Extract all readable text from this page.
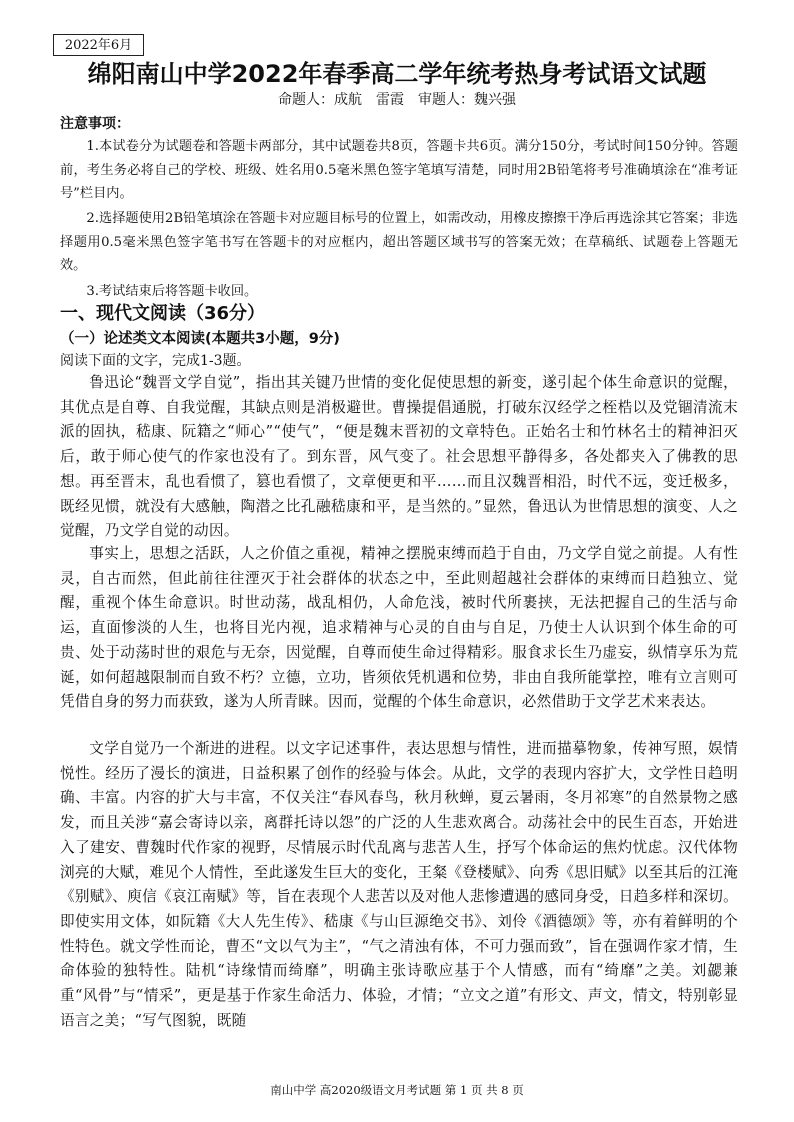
2022年6月
绵阳南山中学2022年春季高二学年统考热身考试语文试题
命题人：成航　雷霞　审题人：魏兴强
注意事项：
1.本试卷分为试题卷和答题卡两部分，其中试题卷共8页，答题卡共6页。满分150分，考试时间150分钟。答题前，考生务必将自己的学校、班级、姓名用0.5毫米黑色签字笔填写清楚，同时用2B铅笔将考号准确填涂在“准考证号”栏目内。
2.选择题使用2B铅笔填涂在答题卡对应题目标号的位置上，如需改动，用橡皮擦擦干净后再选涂其它答案；非选择题用0.5毫米黑色签字笔书写在答题卡的对应框内，超出答题区域书写的答案无效；在草稿纸、试题卷上答题无效。
3.考试结束后将答题卡收回。
一、现代文阅读（36分）
（一）论述类文本阅读(本题共3小题，9分)
阅读下面的文字，完成1-3题。
鲁迅论“魏晋文学自觉”，指出其关键乃世情的变化促使思想的新变，遂引起个体生命意识的觉醒，其优点是自尊、自我觉醒，其缺点则是消极避世。曹操提倡通脱，打破东汉经学之桎梏以及党锢清流末派的固执，嵇康、阮籍之“师心”“使气”，“便是魏末晋初的文章特色。正始名士和竹林名士的精神汩灭后，敢于师心使气的作家也没有了。到东晋，风气变了。社会思想平静得多，各处都夹入了佛教的思想。再至晋末，乱也看惯了，篡也看惯了，文章便更和平……而且汉魏晋相沿，时代不远，变迁极多，既经见惯，就没有大感触，陶潜之比孔融嵇康和平，是当然的。”显然，鲁迅认为世情思想的演变、人之觉醒，乃文学自觉的动因。
事实上，思想之活跃，人之价值之重视，精神之摆脱束缚而趋于自由，乃文学自觉之前提。人有性灵，自古而然，但此前往往湮灭于社会群体的状态之中，至此则超越社会群体的束缚而日趋独立、觉醒，重视个体生命意识。时世动荡，战乱相仍，人命危浅，被时代所裹挟，无法把握自己的生活与命运，直面惨淡的人生，也将目光内视，追求精神与心灵的自由与自足，乃使士人认识到个体生命的可贵、处于动荡时世的艰危与无奈，因觉醒，自尊而使生命过得精彩。服食求长生乃虚妄，纵情享乐为荒诞，如何超越限制而自致不朽？立德，立功，皆须依凭机遇和位势，非由自我所能掌控，唯有立言则可凭借自身的努力而获致，遂为人所青睐。因而，觉醒的个体生命意识，必然借助于文学艺术来表达。
文学自觉乃一个渐进的进程。以文字记述事件，表达思想与情性，进而描摹物象，传神写照，娱情悦性。经历了漫长的演进，日益积累了创作的经验与体会。从此，文学的表现内容扩大，文学性日趋明确、丰富。内容的扩大与丰富，不仅关注“春风春鸟，秋月秋蝉，夏云暑雨，冬月祁寒”的自然景物之感发，而且关涉“嘉会寄诗以亲，离群托诗以怨”的广泛的人生悲欢离合。动荡社会中的民生百态，开始进入了建安、曹魏时代作家的视野，尽情展示时代乱离与悲苦人生，抒写个体命运的焦灼忧虑。汉代体物浏亮的大赋，难见个人情性，至此遂发生巨大的变化，王粲《登楼赋》、向秀《思旧赋》以至其后的江淹《别赋》、庾信《哀江南赋》等，旨在表现个人悲苦以及对他人悲惨遭遇的感同身受，日趋多样和深切。即使实用文体，如阮籍《大人先生传》、嵇康《与山巨源绝交书》、刘伶《酒德颂》等，亦有着鲜明的个性特色。就文学性而论，曹丕“文以气为主”，“气之清浊有体，不可力强而致”，旨在强调作家才情，生命体验的独特性。陆机“诗缘情而绮靡”，明确主张诗歌应基于个人情感，而有“绮靡”之美。刘勰兼重“风骨”与“情采”，更是基于作家生命活力、体验，才情；“立文之道”有形文、声文，情文，特别彰显语言之美；“写气图貌，既随
南山中学 高2020级语文月考试题 第 1 页 共 8 页
